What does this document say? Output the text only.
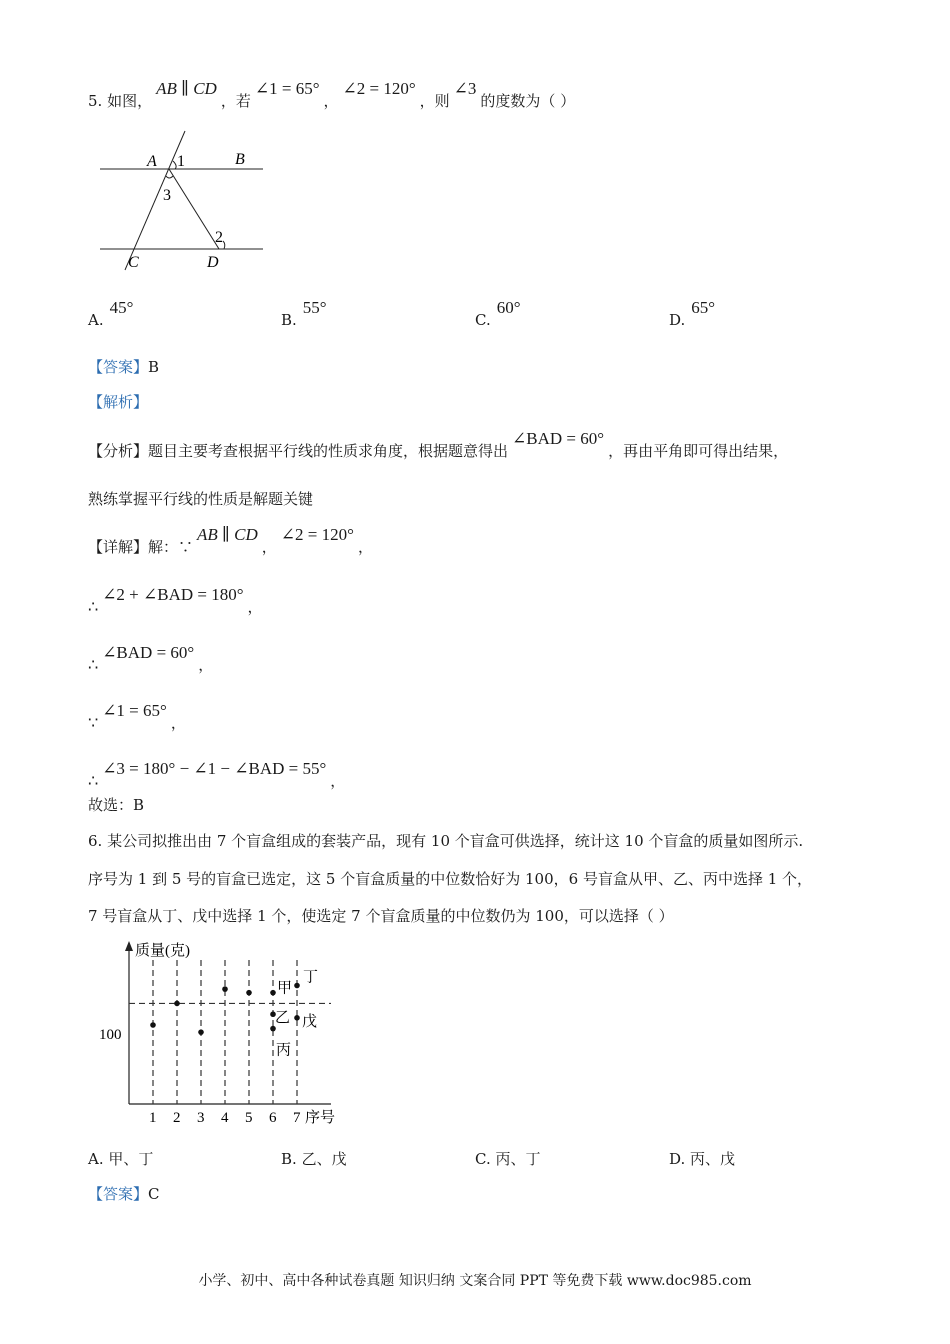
5. 如图，AB ∥ CD，若∠1 = 65°，∠2 = 120°，则∠3的度数为（ ）
A 1	B
3
2
C	D
A.45°
B.55°
C.60°
D.65°
【答案】B
【解析】
【分析】题目主要考查根据平行线的性质求角度，根据题意得出∠BAD = 60°，再由平角即可得出结果，
熟练掌握平行线的性质是解题关键
【详解】解：∵AB ∥ CD，∠2 = 120°，
∴∠2 + ∠BAD = 180°，
∴∠BAD = 60°，
∵∠1 = 65°，
∴∠3 = 180° − ∠1 − ∠BAD = 55°，
故选：B
6. 某公司拟推出由 7 个盲盒组成的套装产品，现有 10 个盲盒可供选择，统计这 10 个盲盒的质量如图所示.
序号为 1 到 5 号的盲盒已选定，这 5 个盲盒质量的中位数恰好为 100，6 号盲盒从甲、乙、丙中选择 1 个，
7 号盲盒从丁、戊中选择 1 个，使选定 7 个盲盒质量的中位数仍为 100，可以选择（ ）
质量(克)
序号
100
1 2 3 4 5 6 7
甲
乙
丙
丁
戊
A. 甲、丁	B. 乙、戊	C. 丙、丁	D. 丙、戊
【答案】C
小学、初中、高中各种试卷真题 知识归纳 文案合同 PPT 等免费下载 www.doc985.com
